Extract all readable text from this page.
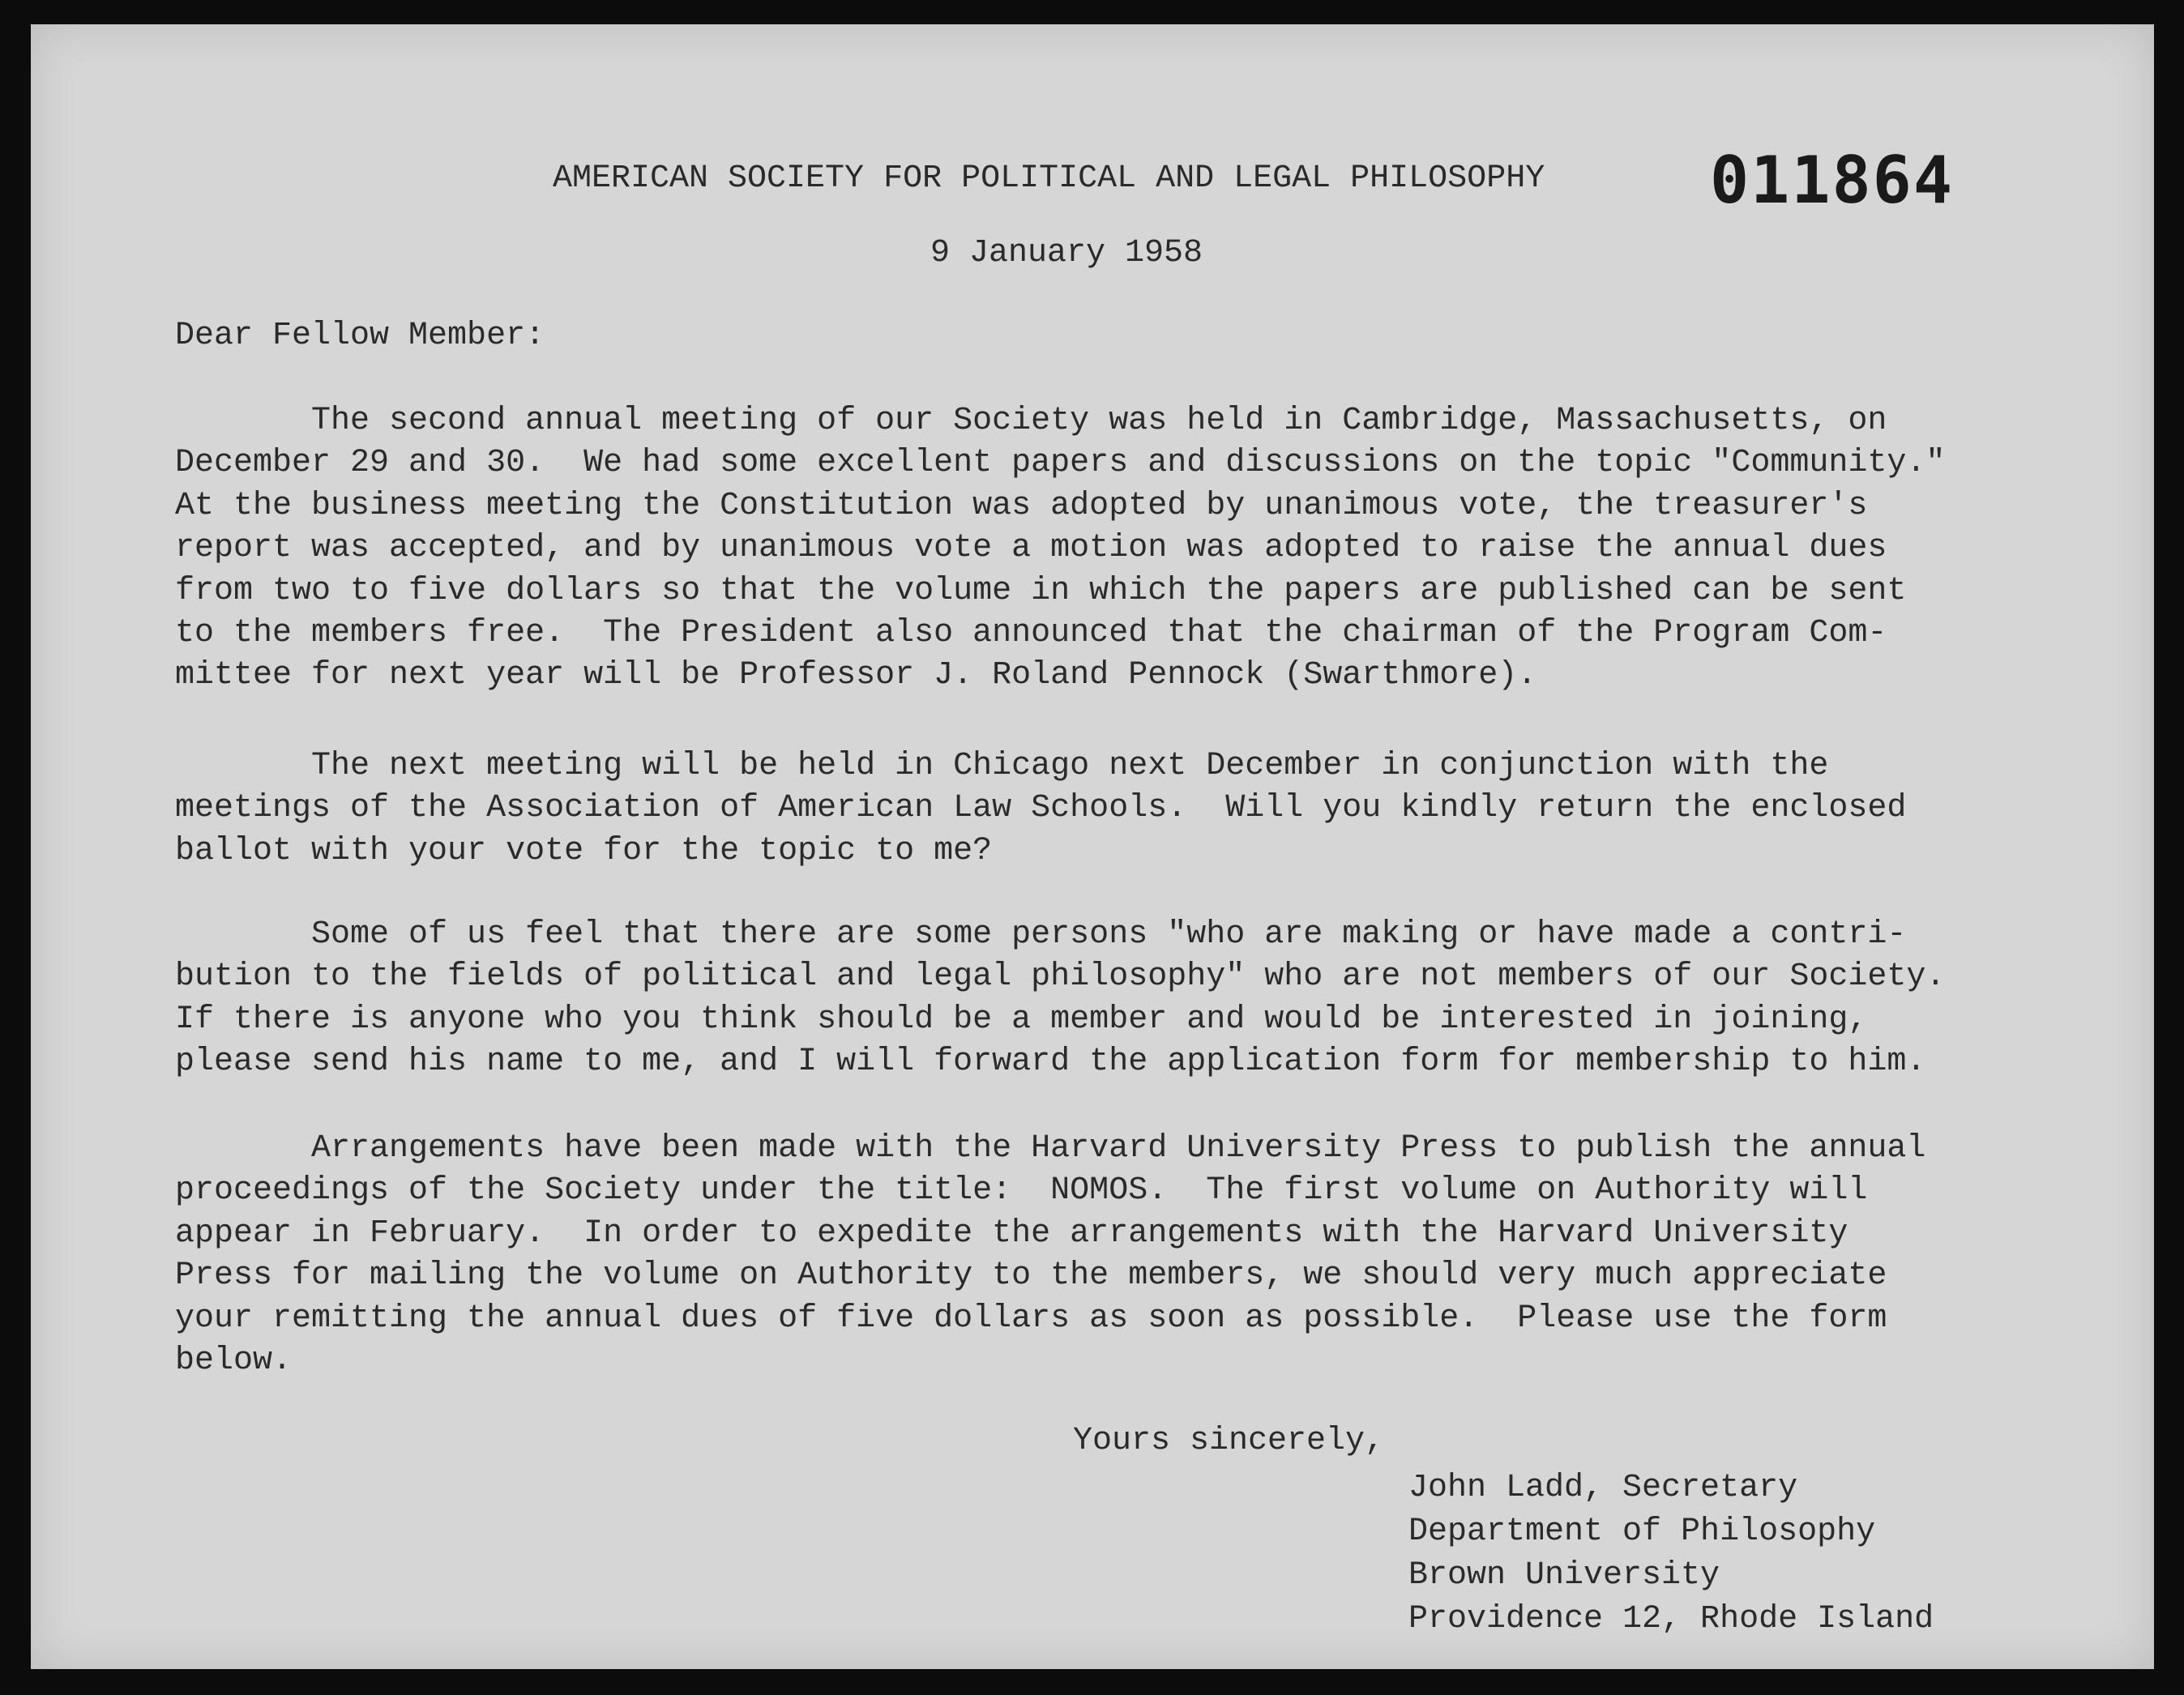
AMERICAN SOCIETY FOR POLITICAL AND LEGAL PHILOSOPHY	011864
9 January 1958
Dear Fellow Member:
The second annual meeting of our Society was held in Cambridge, Massachusetts, on
December 29 and 30.  We had some excellent papers and discussions on the topic "Community."
At the business meeting the Constitution was adopted by unanimous vote, the treasurer's
report was accepted, and by unanimous vote a motion was adopted to raise the annual dues
from two to five dollars so that the volume in which the papers are published can be sent
to the members free.  The President also announced that the chairman of the Program Com-
mittee for next year will be Professor J. Roland Pennock (Swarthmore).
The next meeting will be held in Chicago next December in conjunction with the
meetings of the Association of American Law Schools.  Will you kindly return the enclosed
ballot with your vote for the topic to me?
Some of us feel that there are some persons "who are making or have made a contri-
bution to the fields of political and legal philosophy" who are not members of our Society.
If there is anyone who you think should be a member and would be interested in joining,
please send his name to me, and I will forward the application form for membership to him.
Arrangements have been made with the Harvard University Press to publish the annual
proceedings of the Society under the title:  NOMOS.  The first volume on Authority will
appear in February.  In order to expedite the arrangements with the Harvard University
Press for mailing the volume on Authority to the members, we should very much appreciate
your remitting the annual dues of five dollars as soon as possible.  Please use the form
below.
Yours sincerely,
John Ladd, Secretary
Department of Philosophy
Brown University
Providence 12, Rhode Island
